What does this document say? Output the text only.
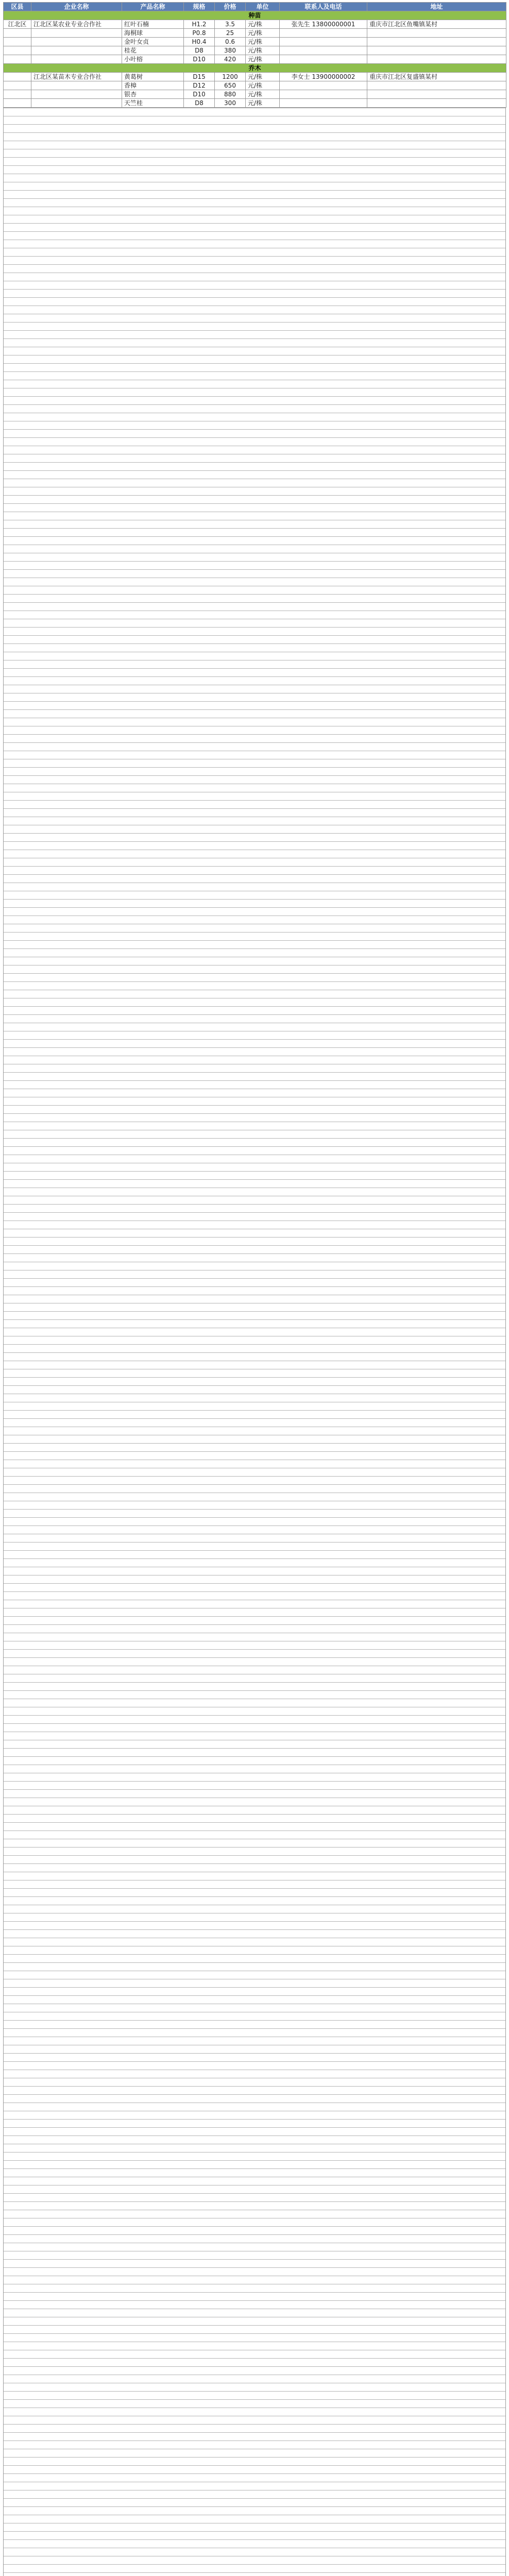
区县	企业名称	产品名称	规格	价格	单位	联系人及电话	地址
种苗							
江北区	江北区某农业专业合作社	红叶石楠	H1.2	3.5	元/株	张先生 13800000001	重庆市江北区鱼嘴镇某村
		海桐球	P0.8	25	元/株		
		金叶女贞	H0.4	0.6	元/株		
		桂花	D8	380	元/株		
		小叶榕	D10	420	元/株		
乔木							
	江北区某苗木专业合作社	黄葛树	D15	1200	元/株	李女士 13900000002	重庆市江北区复盛镇某村
		香樟	D12	650	元/株		
		银杏	D10	880	元/株		
		天竺桂	D8	300	元/株		
